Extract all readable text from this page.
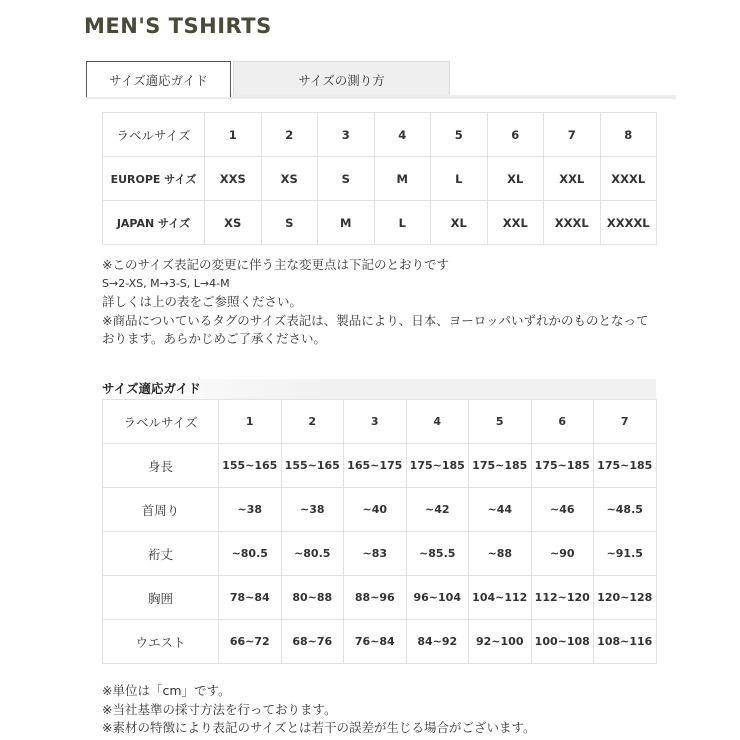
MEN'S TSHIRTS
サイズ適応ガイド	サイズの測り方
ラベルサイズ	1	2	3	4	5	6	7	8
EUROPE サイズ	XXS	XS	S	M	L	XL	XXL	XXXL
JAPAN サイズ	XS	S	M	L	XL	XXL	XXXL	XXXXL
※このサイズ表記の変更に伴う主な変更点は下記のとおりです
S→2-XS, M→3-S, L→4-M
詳しくは上の表をご参照ください。
※商品についているタグのサイズ表記は、製品により、日本、ヨーロッパいずれかのものとなって
おります。あらかじめご了承ください。
サイズ適応ガイド
ラベルサイズ	1	2	3	4	5	6	7
身長	155~165	155~165	165~175	175~185	175~185	175~185	175~185
首周り	~38	~38	~40	~42	~44	~46	~48.5
裄丈	~80.5	~80.5	~83	~85.5	~88	~90	~91.5
胸囲	78~84	80~88	88~96	96~104	104~112	112~120	120~128
ウエスト	66~72	68~76	76~84	84~92	92~100	100~108	108~116
※単位は「cm」です。
※当社基準の採寸方法を行っております。
※素材の特徴により表記のサイズとは若干の誤差が生じる場合がございます。
